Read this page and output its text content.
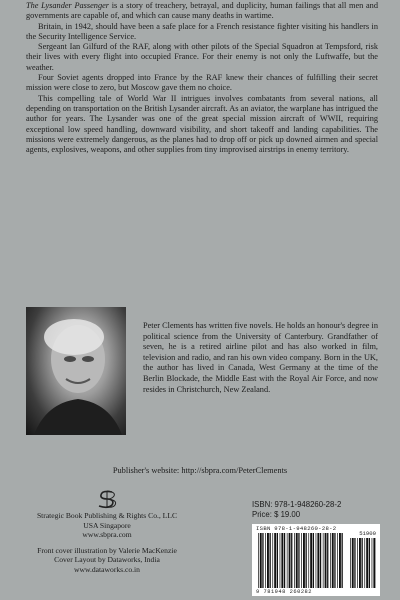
The Lysander Passenger is a story of treachery, betrayal, and duplicity, human failings that all men and governments are capable of, and which can cause many deaths in wartime.

Britain, in 1942, should have been a safe place for a French resistance fighter visiting his handlers in the Security Intelligence Service.

Sergeant Ian Gilfurd of the RAF, along with other pilots of the Special Squadron at Tempsford, risk their lives with every flight into occupied France. For their enemy is not only the Luftwaffe, but the weather.

Four Soviet agents dropped into France by the RAF knew their chances of fulfilling their secret mission were close to zero, but Moscow gave them no choice.

This compelling tale of World War II intrigues involves combatants from several nations, all depending on transportation on the British Lysander aircraft. As an aviator, the warplane has intrigued the author for years. The Lysander was one of the great special mission aircraft of WWII, requiring exceptional low speed handling, downward visibility, and short takeoff and landing capabilities. The missions were extremely dangerous, as the planes had to drop off or pick up downed airmen and special agents, explosives, weapons, and other supplies from tiny improvised airstrips in enemy territory.

Peter Clements has written five novels. He holds an honour's degree in political science from the University of Canterbury. Grandfather of seven, he is a retired airline pilot and has also worked in film, television and radio, and ran his own video company. Born in the UK, the author has lived in Canada, West Germany at the time of the Berlin Blockade, the Middle East with the Royal Air Force, and now resides in Christchurch, New Zealand.
Publisher's website: http://sbpra.com/PeterClements
Strategic Book Publishing & Rights Co., LLC
USA Singapore
www.sbpra.com
Front cover illustration by Valerie MacKenzie
Cover Layout by Dataworks, India
www.dataworks.co.in
ISBN: 978-1-948260-28-2
Price: $ 19.00
ISBN 978-1-948260-28-2
51900
9 781948 260282
